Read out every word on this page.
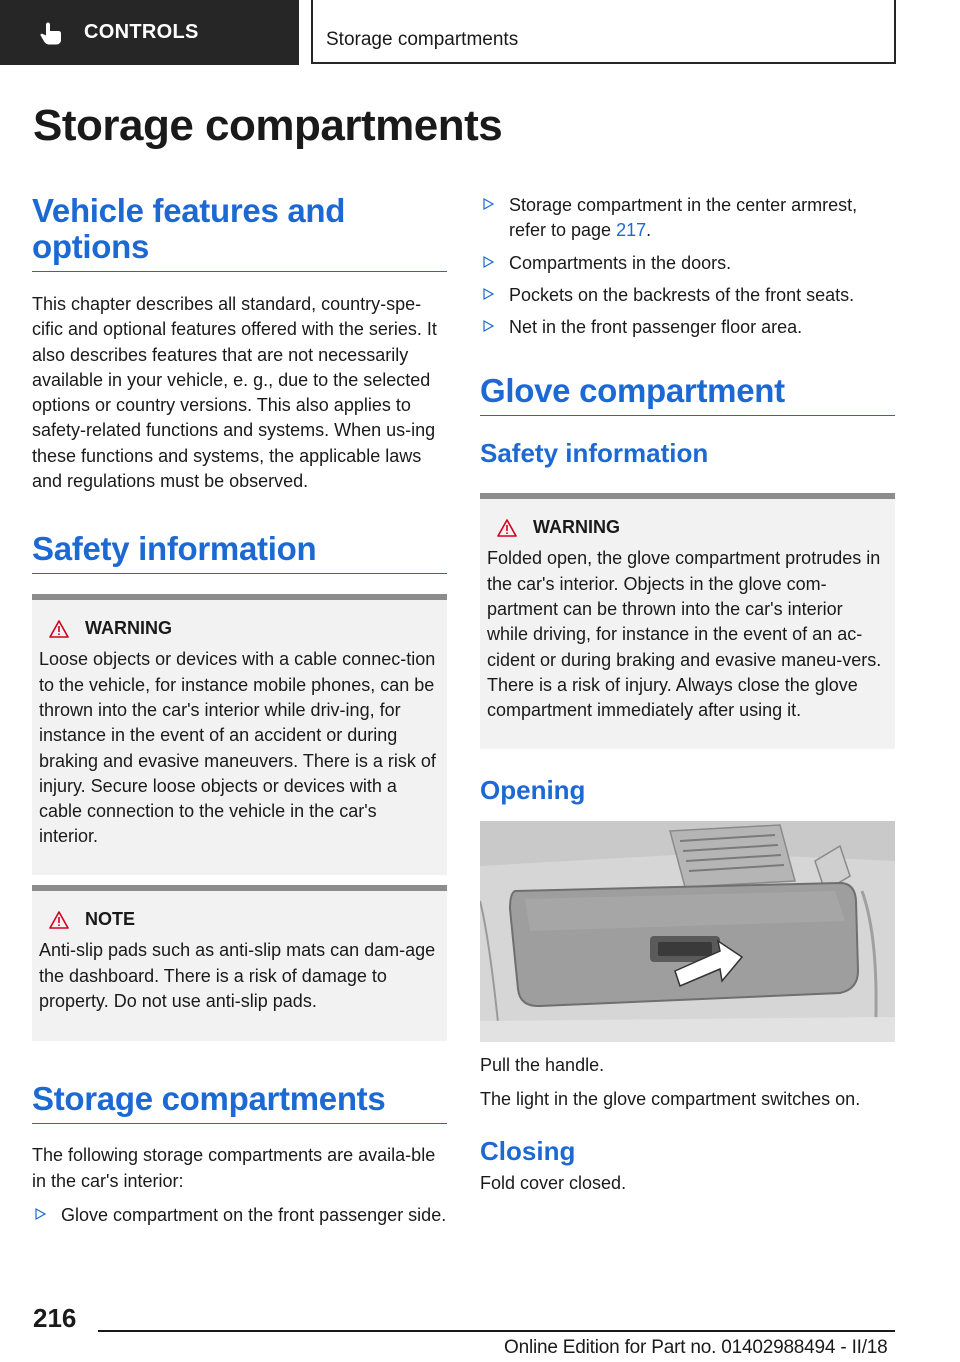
CONTROLS	Storage compartments
Storage compartments
Vehicle features and options

This chapter describes all standard, country-spe-cific and optional features offered with the series. It also describes features that are not necessarily available in your vehicle, e. g., due to the selected options or country versions. This also applies to safety-related functions and systems. When us-ing these functions and systems, the applicable laws and regulations must be observed.

Safety information
WARNING

Loose objects or devices with a cable connec-tion to the vehicle, for instance mobile phones, can be thrown into the car's interior while driv-ing, for instance in the event of an accident or during braking and evasive maneuvers. There is a risk of injury. Secure loose objects or devices with a cable connection to the vehicle in the car's interior.

NOTE

Anti-slip pads such as anti-slip mats can dam-age the dashboard. There is a risk of damage to property. Do not use anti-slip pads.

Storage compartments

The following storage compartments are availa-ble in the car's interior:

Glove compartment on the front passenger side.
Storage compartment in the center armrest, refer to page 217.
Compartments in the doors.
Pockets on the backrests of the front seats.
Net in the front passenger floor area.
Glove compartment
Safety information
WARNING

Folded open, the glove compartment protrudes in the car's interior. Objects in the glove com-partment can be thrown into the car's interior while driving, for instance in the event of an ac-cident or during braking and evasive maneu-vers. There is a risk of injury. Always close the glove compartment immediately after using it.

Opening

Pull the handle.

The light in the glove compartment switches on.

Closing

Fold cover closed.

216
Online Edition for Part no. 01402988494 - II/18
